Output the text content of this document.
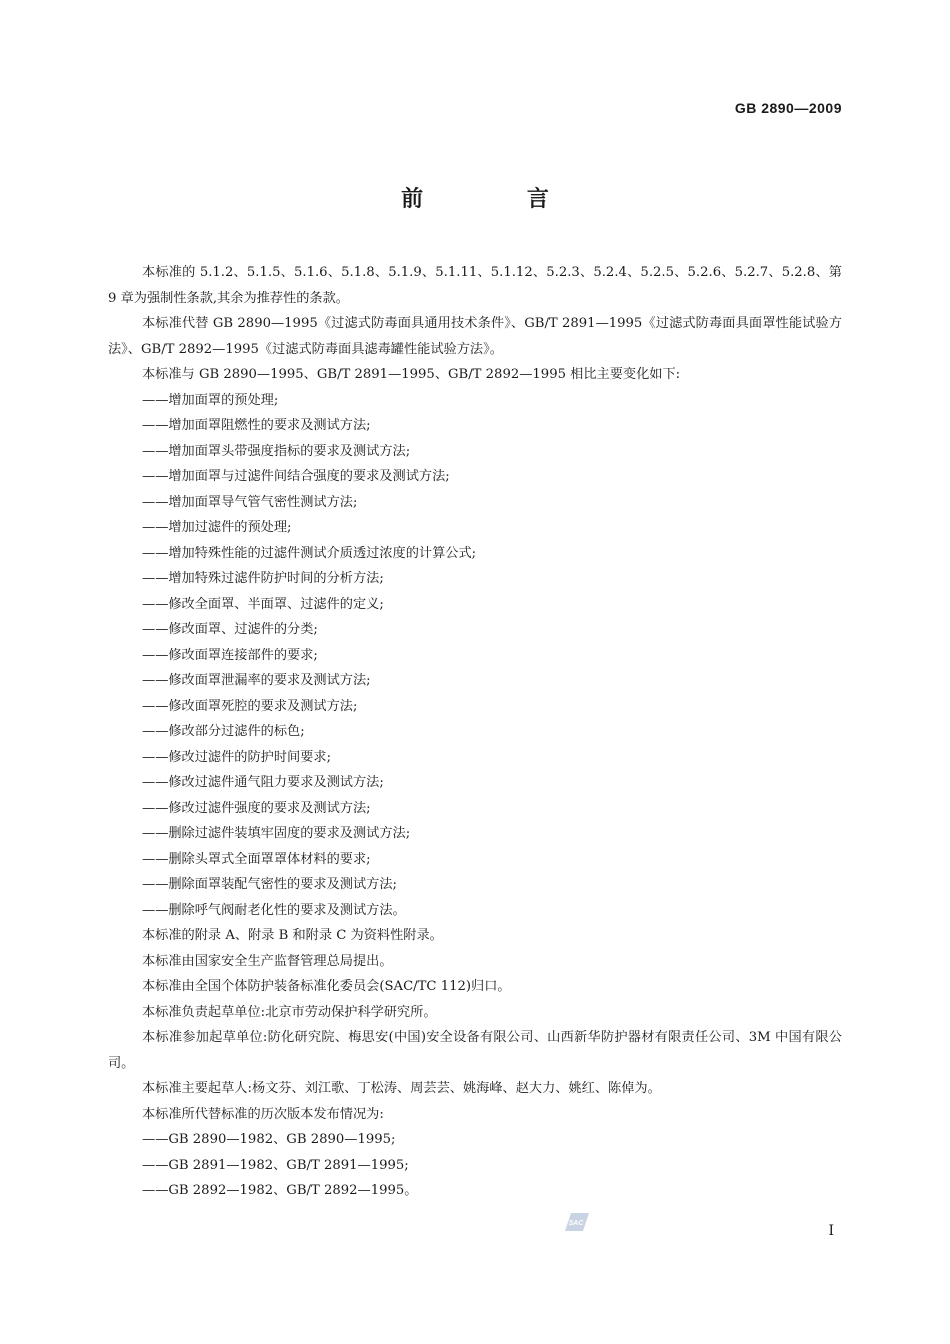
GB 2890—2009
前 言

本标准的 5.1.2、5.1.5、5.1.6、5.1.8、5.1.9、5.1.11、5.1.12、5.2.3、5.2.4、5.2.5、5.2.6、5.2.7、5.2.8、第 9 章为强制性条款,其余为推荐性的条款。

本标准代替 GB 2890—1995《过滤式防毒面具通用技术条件》、GB/T 2891—1995《过滤式防毒面具面罩性能试验方法》、GB/T 2892—1995《过滤式防毒面具滤毒罐性能试验方法》。

本标准与 GB 2890—1995、GB/T 2891—1995、GB/T 2892—1995 相比主要变化如下:

——增加面罩的预处理;

——增加面罩阻燃性的要求及测试方法;

——增加面罩头带强度指标的要求及测试方法;

——增加面罩与过滤件间结合强度的要求及测试方法;

——增加面罩导气管气密性测试方法;

——增加过滤件的预处理;

——增加特殊性能的过滤件测试介质透过浓度的计算公式;

——增加特殊过滤件防护时间的分析方法;

——修改全面罩、半面罩、过滤件的定义;

——修改面罩、过滤件的分类;

——修改面罩连接部件的要求;

——修改面罩泄漏率的要求及测试方法;

——修改面罩死腔的要求及测试方法;

——修改部分过滤件的标色;

——修改过滤件的防护时间要求;

——修改过滤件通气阻力要求及测试方法;

——修改过滤件强度的要求及测试方法;

——删除过滤件装填牢固度的要求及测试方法;

——删除头罩式全面罩罩体材料的要求;

——删除面罩装配气密性的要求及测试方法;

——删除呼气阀耐老化性的要求及测试方法。

本标准的附录 A、附录 B 和附录 C 为资料性附录。

本标准由国家安全生产监督管理总局提出。

本标准由全国个体防护装备标准化委员会(SAC/TC 112)归口。

本标准负责起草单位:北京市劳动保护科学研究所。

本标准参加起草单位:防化研究院、梅思安(中国)安全设备有限公司、山西新华防护器材有限责任公司、3M 中国有限公司。

本标准主要起草人:杨文芬、刘江歌、丁松涛、周芸芸、姚海峰、赵大力、姚红、陈倬为。

本标准所代替标准的历次版本发布情况为:

——GB 2890—1982、GB 2890—1995;

——GB 2891—1982、GB/T 2891—1995;

——GB 2892—1982、GB/T 2892—1995。

SAC	I
